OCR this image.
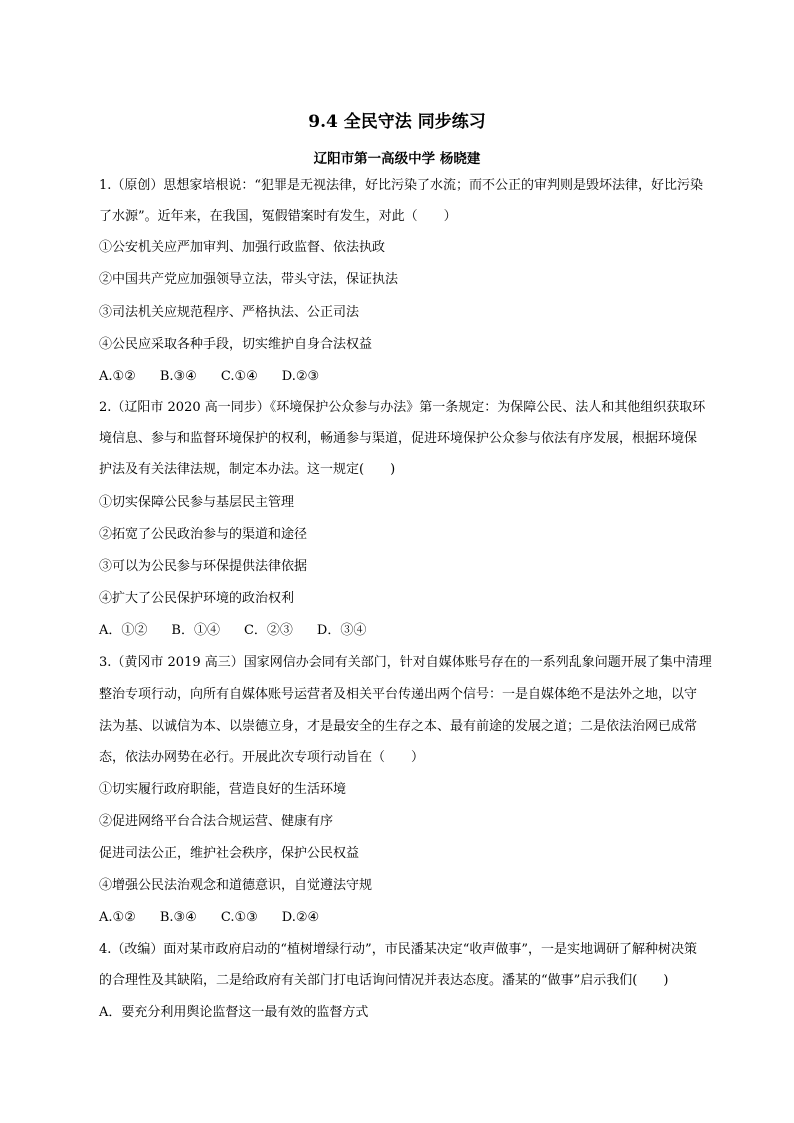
9.4 全民守法 同步练习
辽阳市第一高级中学 杨晓建
1.（原创）思想家培根说：“犯罪是无视法律，好比污染了水流；而不公正的审判则是毁坏法律，好比污染
了水源”。近年来，在我国，冤假错案时有发生，对此（　　）
①公安机关应严加审判、加强行政监督、依法执政
②中国共产党应加强领导立法，带头守法，保证执法
③司法机关应规范程序、严格执法、公正司法
④公民应采取各种手段，切实维护自身合法权益
A.①② B.③④ C.①④ D.②③
2.（辽阳市 2020 高一同步）《环境保护公众参与办法》第一条规定：为保障公民、法人和其他组织获取环
境信息、参与和监督环境保护的权利，畅通参与渠道，促进环境保护公众参与依法有序发展，根据环境保
护法及有关法律法规，制定本办法。这一规定(　　)
①切实保障公民参与基层民主管理
②拓宽了公民政治参与的渠道和途径
③可以为公民参与环保提供法律依据
④扩大了公民保护环境的政治权利
A．①② B．①④ C．②③ D．③④
3.（黄冈市 2019 高三）国家网信办会同有关部门，针对自媒体账号存在的一系列乱象问题开展了集中清理
整治专项行动，向所有自媒体账号运营者及相关平台传递出两个信号：一是自媒体绝不是法外之地，以守
法为基、以诚信为本、以崇德立身，才是最安全的生存之本、最有前途的发展之道；二是依法治网已成常
态，依法办网势在必行。开展此次专项行动旨在（　　）
①切实履行政府职能，营造良好的生活环境
②促进网络平台合法合规运营、健康有序
促进司法公正，维护社会秩序，保护公民权益
④增强公民法治观念和道德意识，自觉遵法守规
A.①② B.③④ C.①③ D.②④
4.（改编）面对某市政府启动的“植树增绿行动”，市民潘某决定“收声做事”，一是实地调研了解种树决策
的合理性及其缺陷，二是给政府有关部门打电话询问情况并表达态度。潘某的“做事”启示我们(　　)
A．要充分利用舆论监督这一最有效的监督方式
